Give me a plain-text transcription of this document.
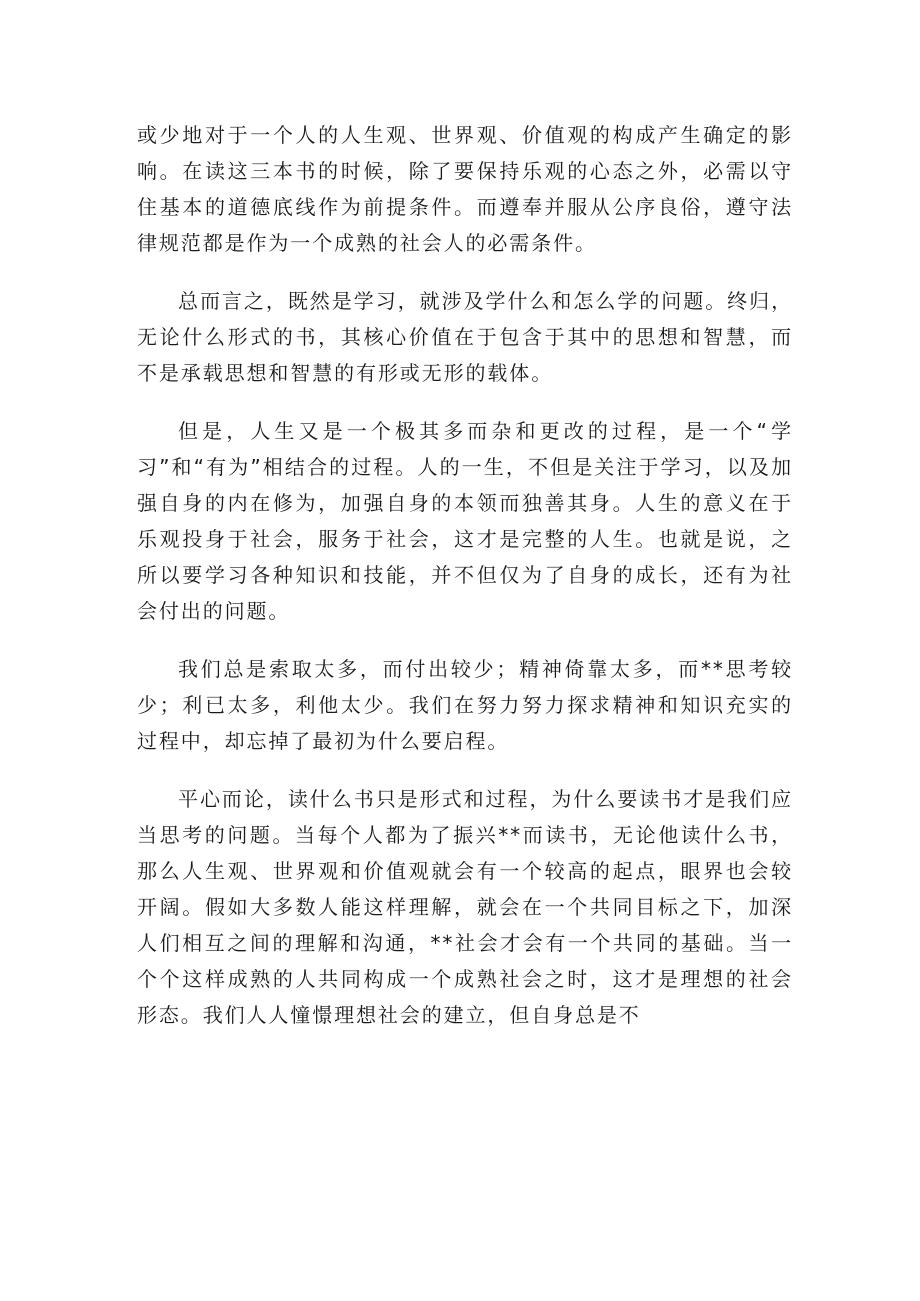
或少地对于一个人的人生观、世界观、价值观的构成产生确定的影响。在读这三本书的时候，除了要保持乐观的心态之外，必需以守住基本的道德底线作为前提条件。而遵奉并服从公序良俗，遵守法律规范都是作为一个成熟的社会人的必需条件。

总而言之，既然是学习，就涉及学什么和怎么学的问题。终归，无论什么形式的书，其核心价值在于包含于其中的思想和智慧，而不是承载思想和智慧的有形或无形的载体。

但是，人生又是一个极其多而杂和更改的过程，是一个“学习”和“有为”相结合的过程。人的一生，不但是关注于学习，以及加强自身的内在修为，加强自身的本领而独善其身。人生的意义在于乐观投身于社会，服务于社会，这才是完整的人生。也就是说，之所以要学习各种知识和技能，并不但仅为了自身的成长，还有为社会付出的问题。

我们总是索取太多，而付出较少；精神倚靠太多，而**思考较少；利已太多，利他太少。我们在努力努力探求精神和知识充实的过程中，却忘掉了最初为什么要启程。

平心而论，读什么书只是形式和过程，为什么要读书才是我们应当思考的问题。当每个人都为了振兴**而读书，无论他读什么书，那么人生观、世界观和价值观就会有一个较高的起点，眼界也会较开阔。假如大多数人能这样理解，就会在一个共同目标之下，加深人们相互之间的理解和沟通，**社会才会有一个共同的基础。当一个个这样成熟的人共同构成一个成熟社会之时，这才是理想的社会形态。我们人人憧憬理想社会的建立，但自身总是不
